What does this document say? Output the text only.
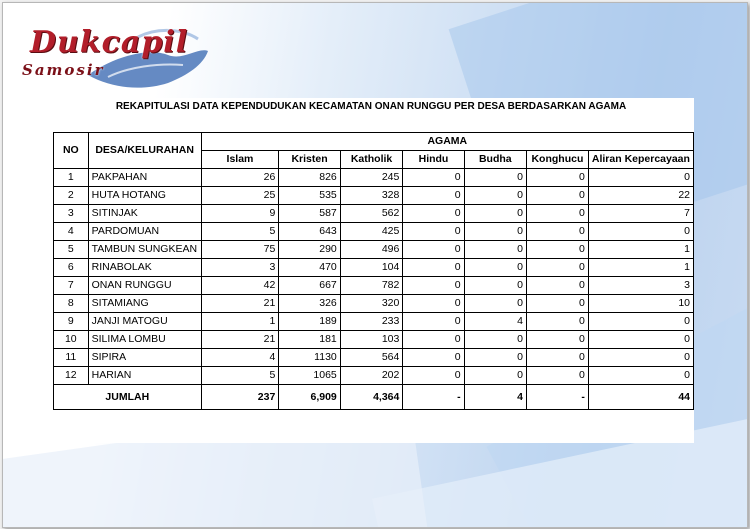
Dukcapil
Samosir
REKAPITULASI DATA KEPENDUDUKAN KECAMATAN ONAN RUNGGU PER DESA BERDASARKAN AGAMA
NO	DESA/KELURAHAN	AGAMA						
		Islam	Kristen	Katholik	Hindu	Budha	Konghucu	Aliran Kepercayaan
1	PAKPAHAN	26	826	245	0	0	0	0
2	HUTA HOTANG	25	535	328	0	0	0	22
3	SITINJAK	9	587	562	0	0	0	7
4	PARDOMUAN	5	643	425	0	0	0	0
5	TAMBUN SUNGKEAN	75	290	496	0	0	0	1
6	RINABOLAK	3	470	104	0	0	0	1
7	ONAN RUNGGU	42	667	782	0	0	0	3
8	SITAMIANG	21	326	320	0	0	0	10
9	JANJI MATOGU	1	189	233	0	4	0	0
10	SILIMA LOMBU	21	181	103	0	0	0	0
11	SIPIRA	4	1130	564	0	0	0	0
12	HARIAN	5	1065	202	0	0	0	0
JUMLAH		237	6,909	4,364	-	4	-	44
